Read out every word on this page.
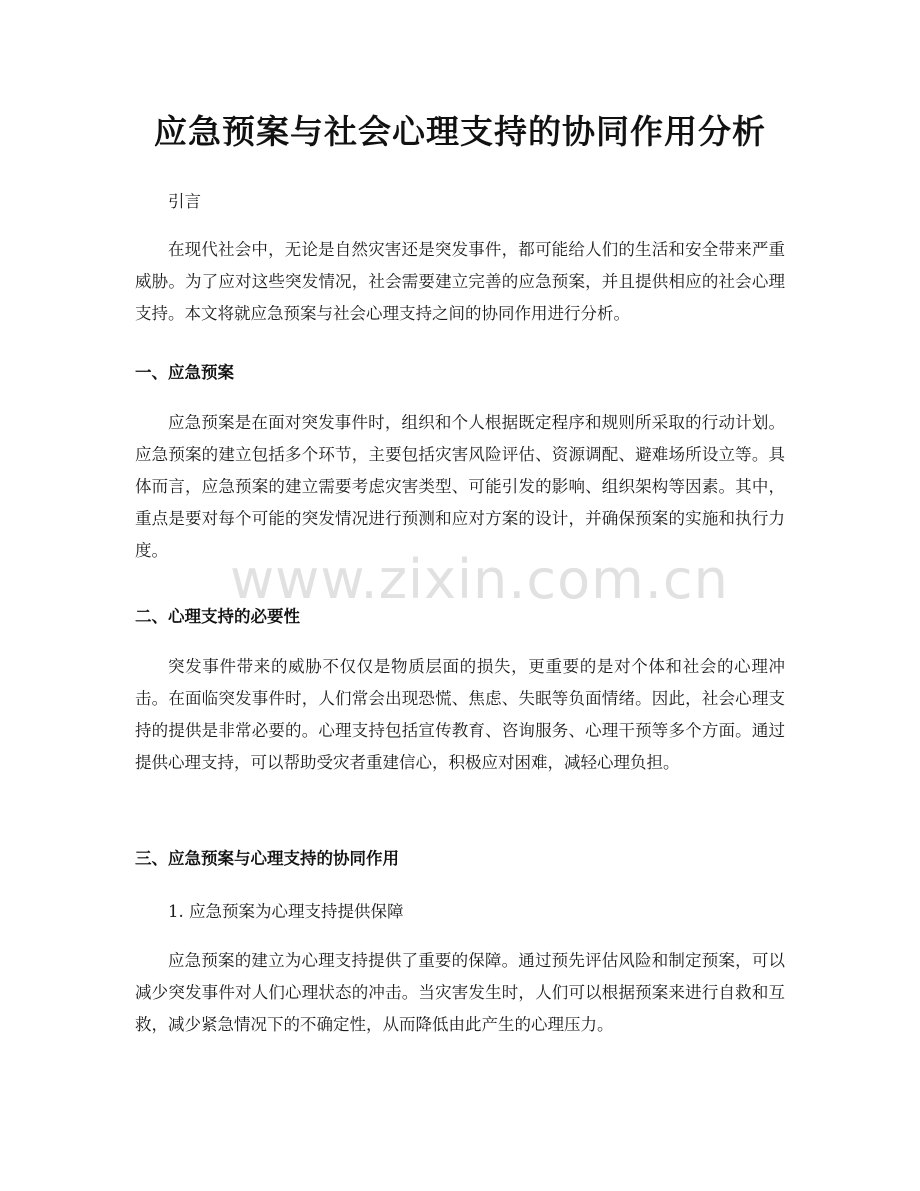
应急预案与社会心理支持的协同作用分析

引言

在现代社会中，无论是自然灾害还是突发事件，都可能给人们的生活和安全带来严重威胁。为了应对这些突发情况，社会需要建立完善的应急预案，并且提供相应的社会心理支持。本文将就应急预案与社会心理支持之间的协同作用进行分析。

一、应急预案

应急预案是在面对突发事件时，组织和个人根据既定程序和规则所采取的行动计划。应急预案的建立包括多个环节，主要包括灾害风险评估、资源调配、避难场所设立等。具体而言，应急预案的建立需要考虑灾害类型、可能引发的影响、组织架构等因素。其中，重点是要对每个可能的突发情况进行预测和应对方案的设计，并确保预案的实施和执行力度。

二、心理支持的必要性

突发事件带来的威胁不仅仅是物质层面的损失，更重要的是对个体和社会的心理冲击。在面临突发事件时，人们常会出现恐慌、焦虑、失眠等负面情绪。因此，社会心理支持的提供是非常必要的。心理支持包括宣传教育、咨询服务、心理干预等多个方面。通过提供心理支持，可以帮助受灾者重建信心，积极应对困难，减轻心理负担。

三、应急预案与心理支持的协同作用

1. 应急预案为心理支持提供保障

应急预案的建立为心理支持提供了重要的保障。通过预先评估风险和制定预案，可以减少突发事件对人们心理状态的冲击。当灾害发生时，人们可以根据预案来进行自救和互救，减少紧急情况下的不确定性，从而降低由此产生的心理压力。

www.zixin.com.cn
